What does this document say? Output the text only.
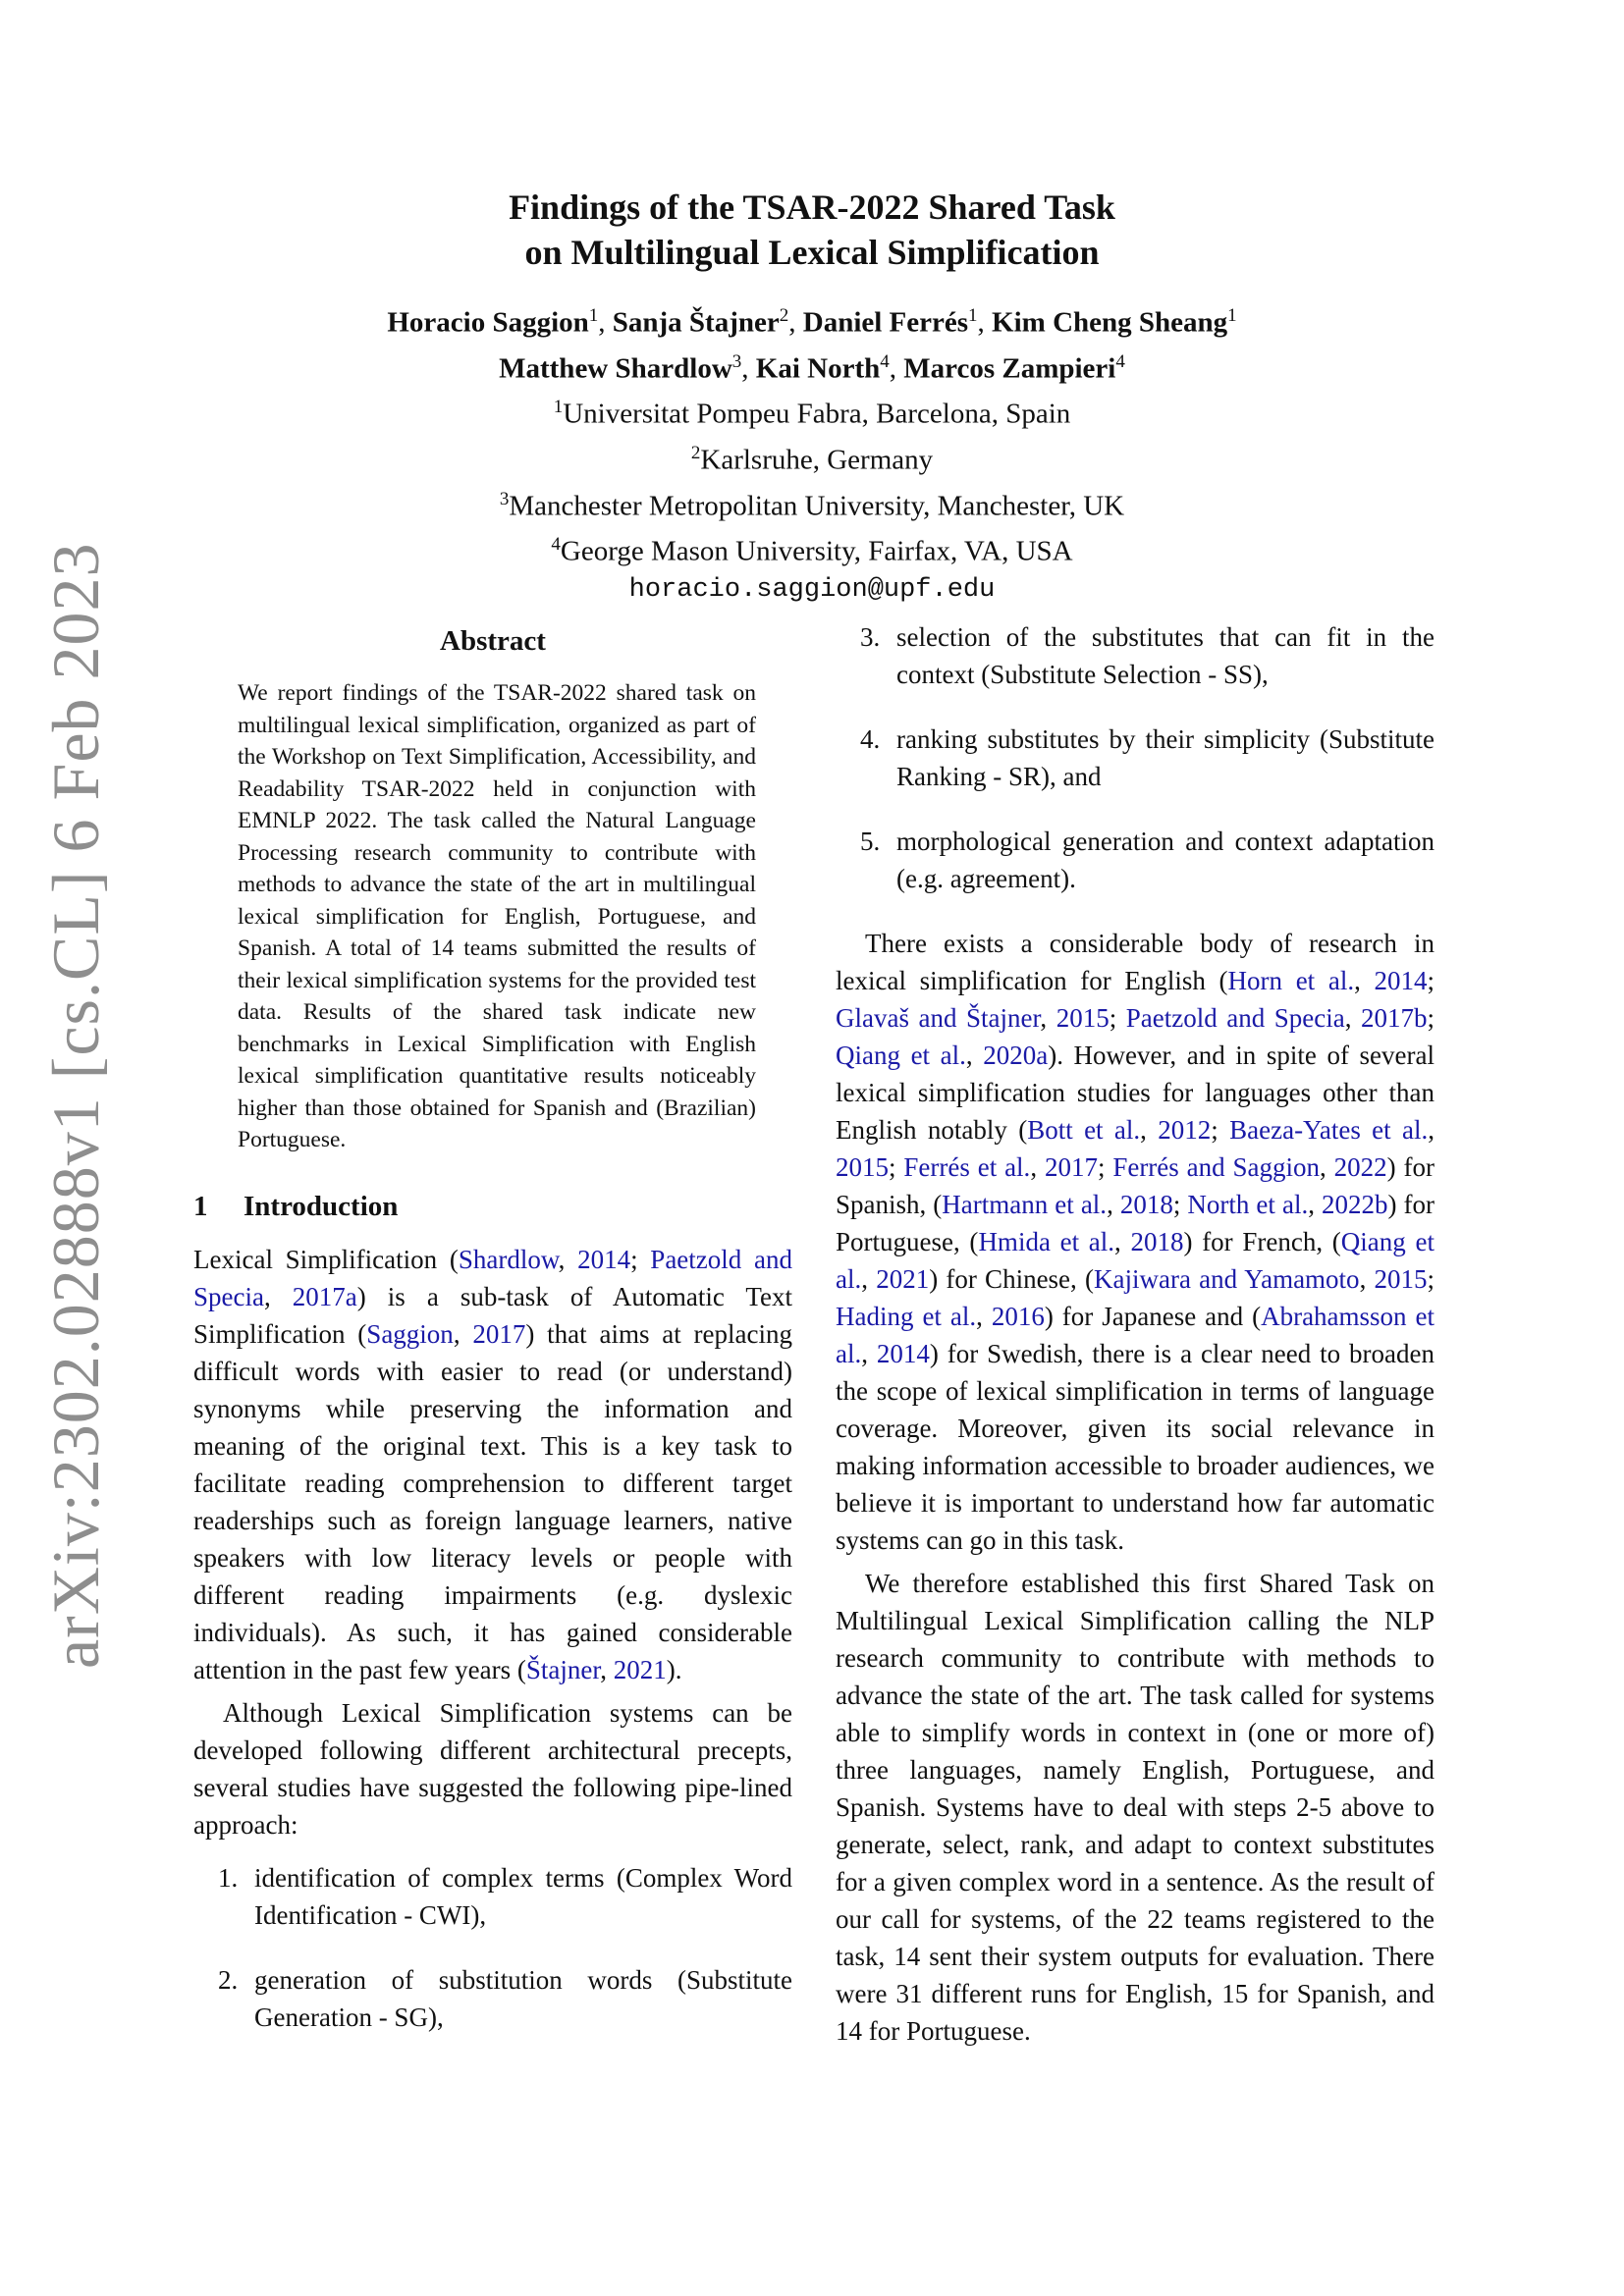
arXiv:2302.02888v1 [cs.CL] 6 Feb 2023
Findings of the TSAR-2022 Shared Task
on Multilingual Lexical Simplification
Horacio Saggion$^1$, Sanja Štajner$^2$, Daniel Ferrés$^1$, Kim Cheng Sheang$^1$
Matthew Shardlow$^3$, Kai North$^4$, Marcos Zampieri$^4$
$^1$Universitat Pompeu Fabra, Barcelona, Spain
$^2$Karlsruhe, Germany
$^3$Manchester Metropolitan University, Manchester, UK
$^4$George Mason University, Fairfax, VA, USA
horacio.saggion@upf.edu
Abstract

We report findings of the TSAR-2022 shared task on multilingual lexical simplification, organized as part of the Workshop on Text Simplification, Accessibility, and Readability TSAR-2022 held in conjunction with EMNLP 2022. The task called the Natural Language Processing research community to contribute with methods to advance the state of the art in multilingual lexical simplification for English, Portuguese, and Spanish. A total of 14 teams submitted the results of their lexical simplification systems for the provided test data. Results of the shared task indicate new benchmarks in Lexical Simplification with English lexical simplification quantitative results noticeably higher than those obtained for Spanish and (Brazilian) Portuguese.

1 Introduction

Lexical Simplification (Shardlow, 2014; Paetzold and Specia, 2017a) is a sub-task of Automatic Text Simplification (Saggion, 2017) that aims at replacing difficult words with easier to read (or understand) synonyms while preserving the information and meaning of the original text. This is a key task to facilitate reading comprehension to different target readerships such as foreign language learners, native speakers with low literacy levels or people with different reading impairments (e.g. dyslexic individuals). As such, it has gained considerable attention in the past few years (Štajner, 2021).

Although Lexical Simplification systems can be developed following different architectural precepts, several studies have suggested the following pipe-lined approach:

1. identification of complex terms (Complex Word Identification - CWI),
2. generation of substitution words (Substitute Generation - SG),
3. selection of the substitutes that can fit in the context (Substitute Selection - SS),
4. ranking substitutes by their simplicity (Substitute Ranking - SR), and
5. morphological generation and context adaptation (e.g. agreement).

There exists a considerable body of research in lexical simplification for English (Horn et al., 2014; Glavaš and Štajner, 2015; Paetzold and Specia, 2017b; Qiang et al., 2020a). However, and in spite of several lexical simplification studies for languages other than English notably (Bott et al., 2012; Baeza-Yates et al., 2015; Ferrés et al., 2017; Ferrés and Saggion, 2022) for Spanish, (Hartmann et al., 2018; North et al., 2022b) for Portuguese, (Hmida et al., 2018) for French, (Qiang et al., 2021) for Chinese, (Kajiwara and Yamamoto, 2015; Hading et al., 2016) for Japanese and (Abrahamsson et al., 2014) for Swedish, there is a clear need to broaden the scope of lexical simplification in terms of language coverage. Moreover, given its social relevance in making information accessible to broader audiences, we believe it is important to understand how far automatic systems can go in this task.

We therefore established this first Shared Task on Multilingual Lexical Simplification calling the NLP research community to contribute with methods to advance the state of the art. The task called for systems able to simplify words in context in (one or more of) three languages, namely English, Portuguese, and Spanish. Systems have to deal with steps 2-5 above to generate, select, rank, and adapt to context substitutes for a given complex word in a sentence. As the result of our call for systems, of the 22 teams registered to the task, 14 sent their system outputs for evaluation. There were 31 different runs for English, 15 for Spanish, and 14 for Portuguese.
